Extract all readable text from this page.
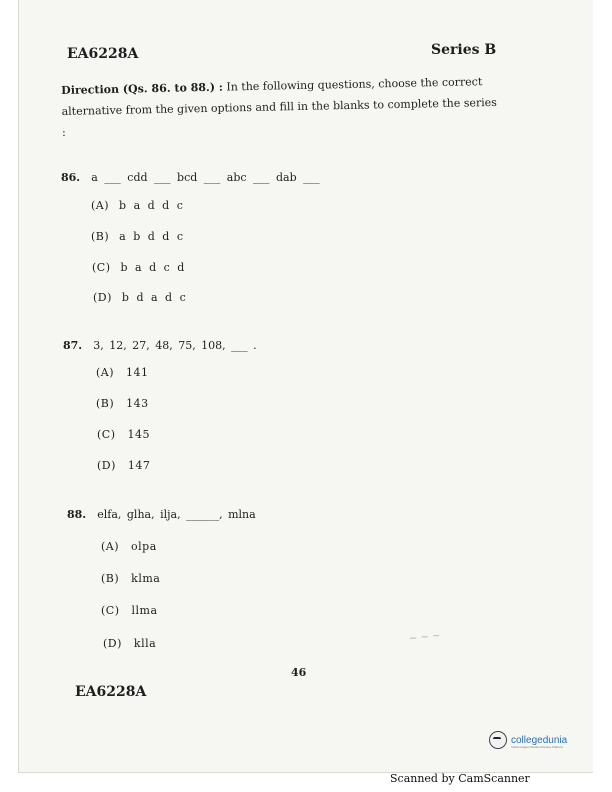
EA6228A	Series B
Direction (Qs. 86. to 88.) : In the following questions, choose the correct alternative from the given options and fill in the blanks to complete the series :
86. a ___ cdd ___ bcd ___ abc ___ dab ___
(A) b a d d c
(B) a b d d c
(C) b a d c d
(D) b d a d c
87. 3, 12, 27, 48, 75, 108, ___ .
(A) 141
(B) 143
(C) 145
(D) 147
88. elfa, glha, ilja, ______, mlna
(A) olpa
(B) klma
(C) llma
(D) klla	~ ~ ~
46
EA6228A
collegedunia
India's largest Student Review Platform
Scanned by CamScanner
